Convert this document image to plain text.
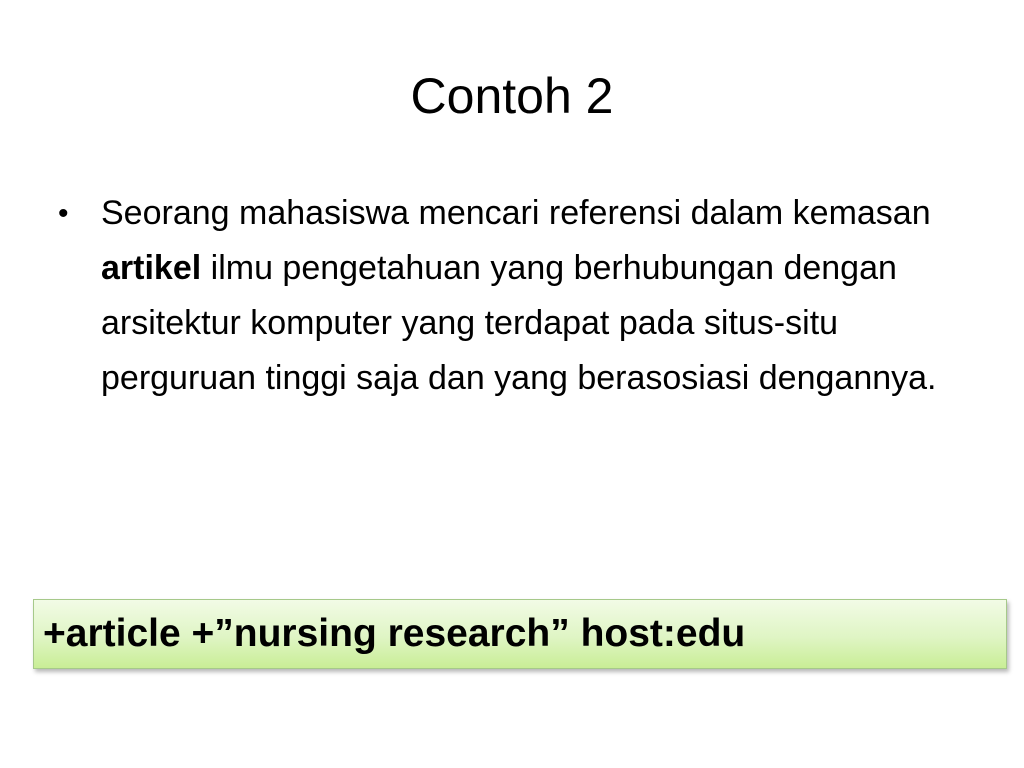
Contoh 2
• Seorang mahasiswa mencari referensi dalam kemasan artikel ilmu pengetahuan yang berhubungan dengan arsitektur komputer yang terdapat pada situs-situ perguruan tinggi saja dan yang berasosiasi dengannya.
+article +”nursing research” host:edu
